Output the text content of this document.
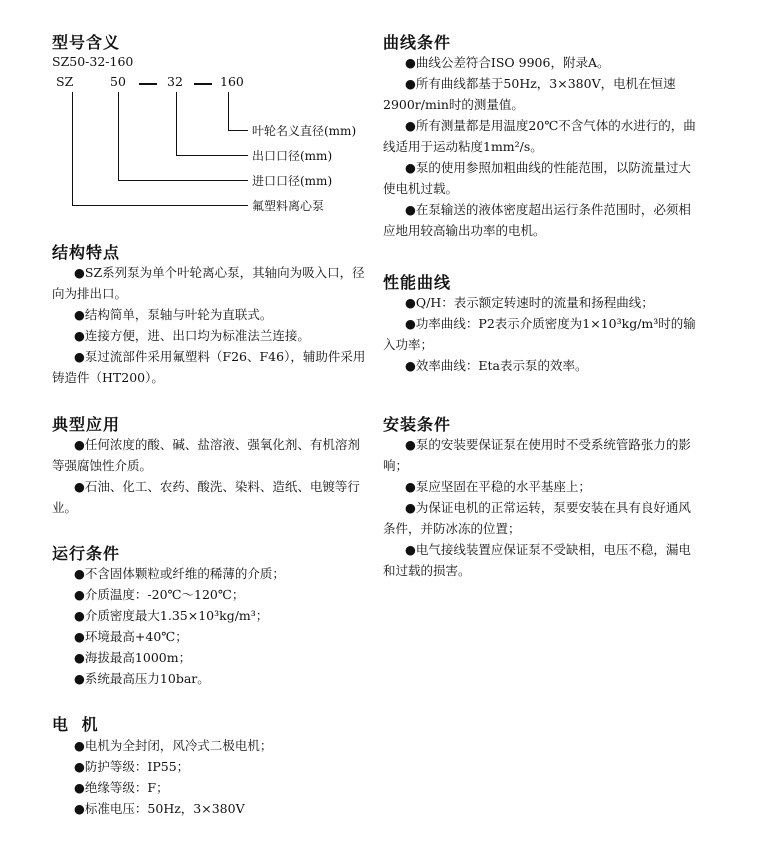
型号含义
SZ50-32-160
SZ	50	32	160
叶轮名义直径(mm)
出口口径(mm)
进口口径(mm)
氟塑料离心泵
结构特点
●SZ系列泵为单个叶轮离心泵，其轴向为吸入口，径向为排出口。
●结构简单，泵轴与叶轮为直联式。
●连接方便，进、出口均为标准法兰连接。
●泵过流部件采用氟塑料（F26、F46），辅助件采用铸造件（HT200）。
典型应用
●任何浓度的酸、碱、盐溶液、强氧化剂、有机溶剂等强腐蚀性介质。
●石油、化工、农药、酸洗、染料、造纸、电镀等行业。
运行条件
●不含固体颗粒或纤维的稀薄的介质；
●介质温度：-20℃～120℃；
●介质密度最大1.35×10³kg/m³；
●环境最高+40℃；
●海拔最高1000m；
●系统最高压力10bar。
电 机
●电机为全封闭，风冷式二极电机；
●防护等级：IP55；
●绝缘等级：F；
●标准电压：50Hz，3×380V
曲线条件
●曲线公差符合ISO 9906，附录A。
●所有曲线都基于50Hz，3×380V，电机在恒速2900r/min时的测量值。
●所有测量都是用温度20℃不含气体的水进行的，曲线适用于运动粘度1mm²/s。
●泵的使用参照加粗曲线的性能范围，以防流量过大使电机过载。
●在泵输送的液体密度超出运行条件范围时，必须相应地用较高输出功率的电机。
性能曲线
●Q/H：表示额定转速时的流量和扬程曲线；
●功率曲线：P2表示介质密度为1×10³kg/m³时的输入功率；
●效率曲线：Eta表示泵的效率。
安装条件
●泵的安装要保证泵在使用时不受系统管路张力的影响；
●泵应坚固在平稳的水平基座上；
●为保证电机的正常运转，泵要安装在具有良好通风条件，并防冰冻的位置；
●电气接线装置应保证泵不受缺相，电压不稳，漏电和过载的损害。
